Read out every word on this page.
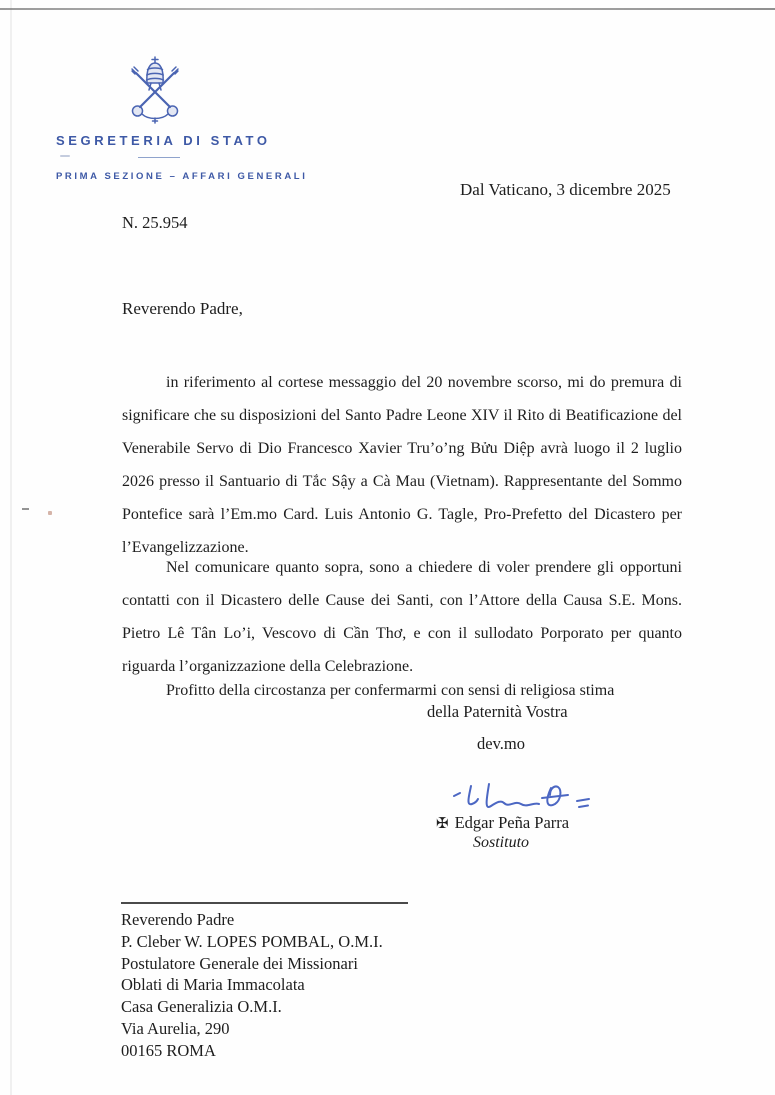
SEGRETERIA DI STATO
PRIMA SEZIONE – AFFARI GENERALI
Dal Vaticano, 3 dicembre 2025
N. 25.954
Reverendo Padre,

in riferimento al cortese messaggio del 20 novembre scorso, mi do premura di significare che su disposizioni del Santo Padre Leone XIV il Rito di Beatificazione del Venerabile Servo di Dio Francesco Xavier Tru’o’ng Bửu Diệp avrà luogo il 2 luglio 2026 presso il Santuario di Tắc Sậy a Cà Mau (Vietnam). Rappresentante del Sommo Pontefice sarà l’Em.mo Card. Luis Antonio G. Tagle, Pro-Prefetto del Dicastero per l’Evangelizzazione.

Nel comunicare quanto sopra, sono a chiedere di voler prendere gli opportuni contatti con il Dicastero delle Cause dei Santi, con l’Attore della Causa S.E. Mons. Pietro Lê Tân Lo’i, Vescovo di Cần Thơ, e con il sullodato Porporato per quanto riguarda l’organizzazione della Celebrazione.

Profitto della circostanza per confermarmi con sensi di religiosa stima

della Paternità Vostra
dev.mo
✠ Edgar Peña Parra
Sostituto
Reverendo Padre
P. Cleber W. LOPES POMBAL, O.M.I.
Postulatore Generale dei Missionari
Oblati di Maria Immacolata
Casa Generalizia O.M.I.
Via Aurelia, 290
00165 ROMA
